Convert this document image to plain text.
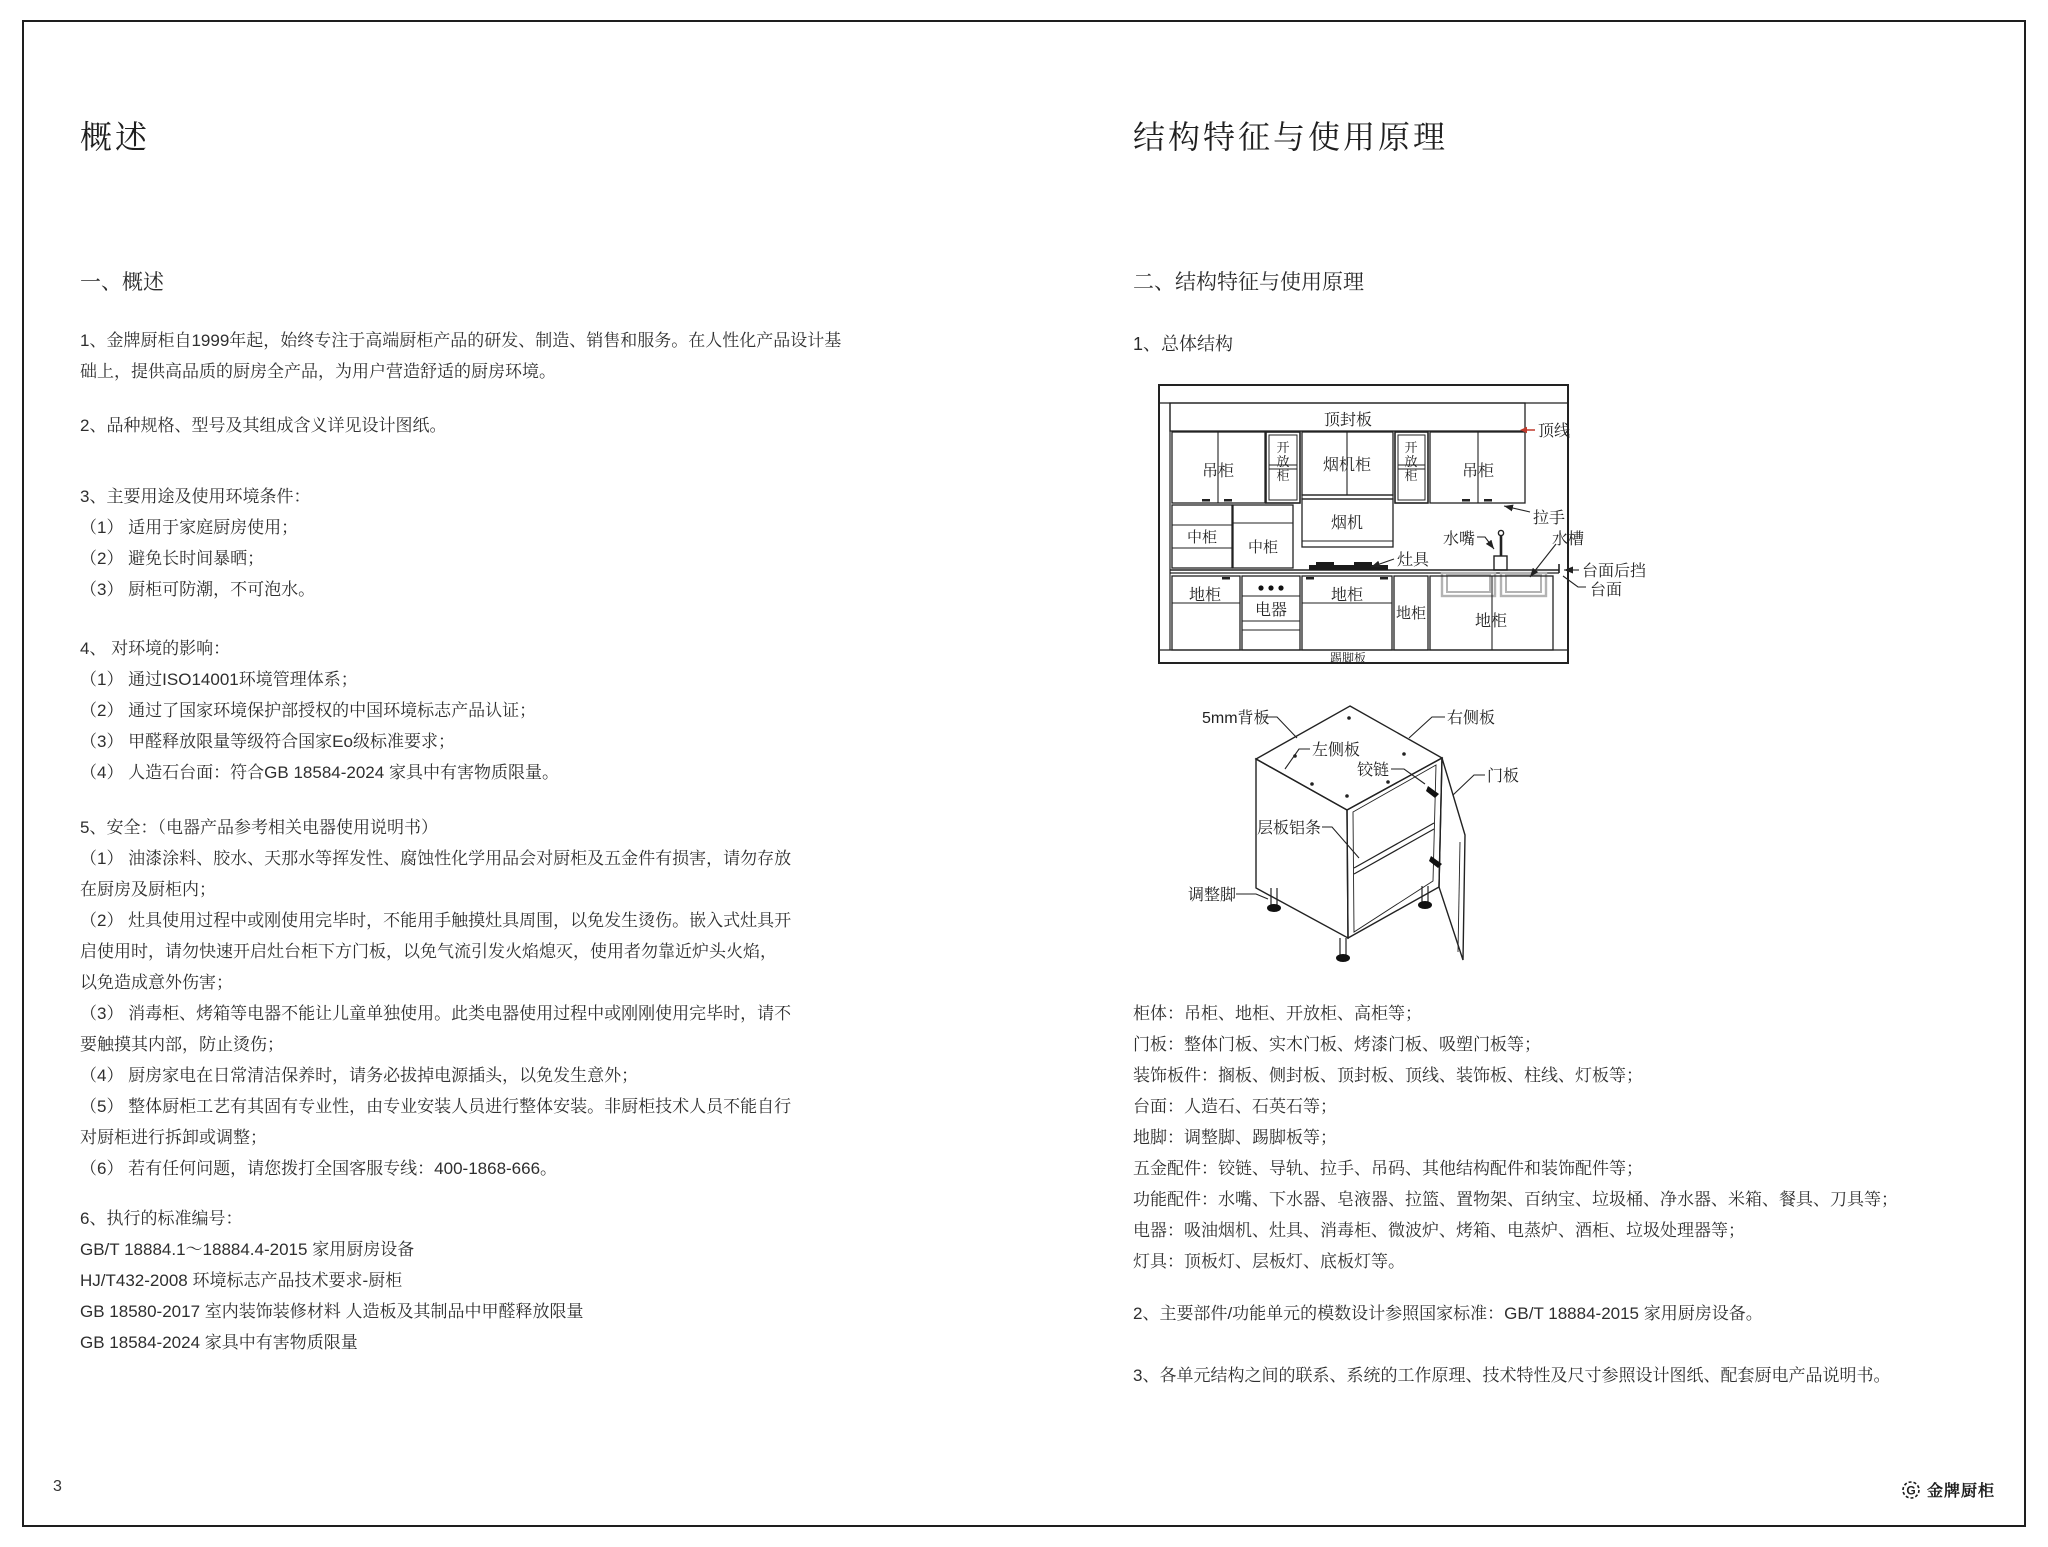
概述
一、概述
1、金牌厨柜自1999年起，始终专注于高端厨柜产品的研发、制造、销售和服务。在人性化产品设计基
础上，提供高品质的厨房全产品，为用户营造舒适的厨房环境。
2、品种规格、型号及其组成含义详见设计图纸。
3、主要用途及使用环境条件：
（1） 适用于家庭厨房使用；
（2） 避免长时间暴晒；
（3） 厨柜可防潮，不可泡水。
4、 对环境的影响：
（1） 通过ISO14001环境管理体系；
（2） 通过了国家环境保护部授权的中国环境标志产品认证；
（3） 甲醛释放限量等级符合国家Eo级标准要求；
（4） 人造石台面：符合GB 18584-2024 家具中有害物质限量。
5、安全：（电器产品参考相关电器使用说明书）
（1） 油漆涂料、胶水、天那水等挥发性、腐蚀性化学用品会对厨柜及五金件有损害，请勿存放
在厨房及厨柜内；
（2） 灶具使用过程中或刚使用完毕时，不能用手触摸灶具周围，以免发生烫伤。嵌入式灶具开
启使用时，请勿快速开启灶台柜下方门板，以免气流引发火焰熄灭，使用者勿靠近炉头火焰，
以免造成意外伤害；
（3） 消毒柜、烤箱等电器不能让儿童单独使用。此类电器使用过程中或刚刚使用完毕时，请不
要触摸其内部，防止烫伤；
（4） 厨房家电在日常清洁保养时，请务必拔掉电源插头，以免发生意外；
（5） 整体厨柜工艺有其固有专业性，由专业安装人员进行整体安装。非厨柜技术人员不能自行
对厨柜进行拆卸或调整；
（6） 若有任何问题，请您拨打全国客服专线：400-1868-666。
6、执行的标准编号：
GB/T 18884.1～18884.4-2015 家用厨房设备
HJ/T432-2008 环境标志产品技术要求-厨柜
GB 18580-2017 室内装饰装修材料 人造板及其制品中甲醛释放限量
GB 18584-2024 家具中有害物质限量
结构特征与使用原理
二、结构特征与使用原理
1、总体结构
顶封板
吊柜
开
放
柜
烟机柜
烟机
开
放
柜	吊柜
中柜
中柜
地柜
电器
地柜
地柜	地柜
踢脚板
顶线
拉手
灶具
水嘴	水槽
台面后挡
台面
5mm背板	右侧板
左侧板
铰链	门板
层板铝条
调整脚
柜体：吊柜、地柜、开放柜、高柜等；
门板：整体门板、实木门板、烤漆门板、吸塑门板等；
装饰板件：搁板、侧封板、顶封板、顶线、装饰板、柱线、灯板等；
台面：人造石、石英石等；
地脚：调整脚、踢脚板等；
五金配件：铰链、导轨、拉手、吊码、其他结构配件和装饰配件等；
功能配件：水嘴、下水器、皂液器、拉篮、置物架、百纳宝、垃圾桶、净水器、米箱、餐具、刀具等；
电器：吸油烟机、灶具、消毒柜、微波炉、烤箱、电蒸炉、酒柜、垃圾处理器等；
灯具：顶板灯、层板灯、底板灯等。
2、主要部件/功能单元的模数设计参照国家标准：GB/T 18884-2015 家用厨房设备。
3、各单元结构之间的联系、系统的工作原理、技术特性及尺寸参照设计图纸、配套厨电产品说明书。
3	G 金牌厨柜
